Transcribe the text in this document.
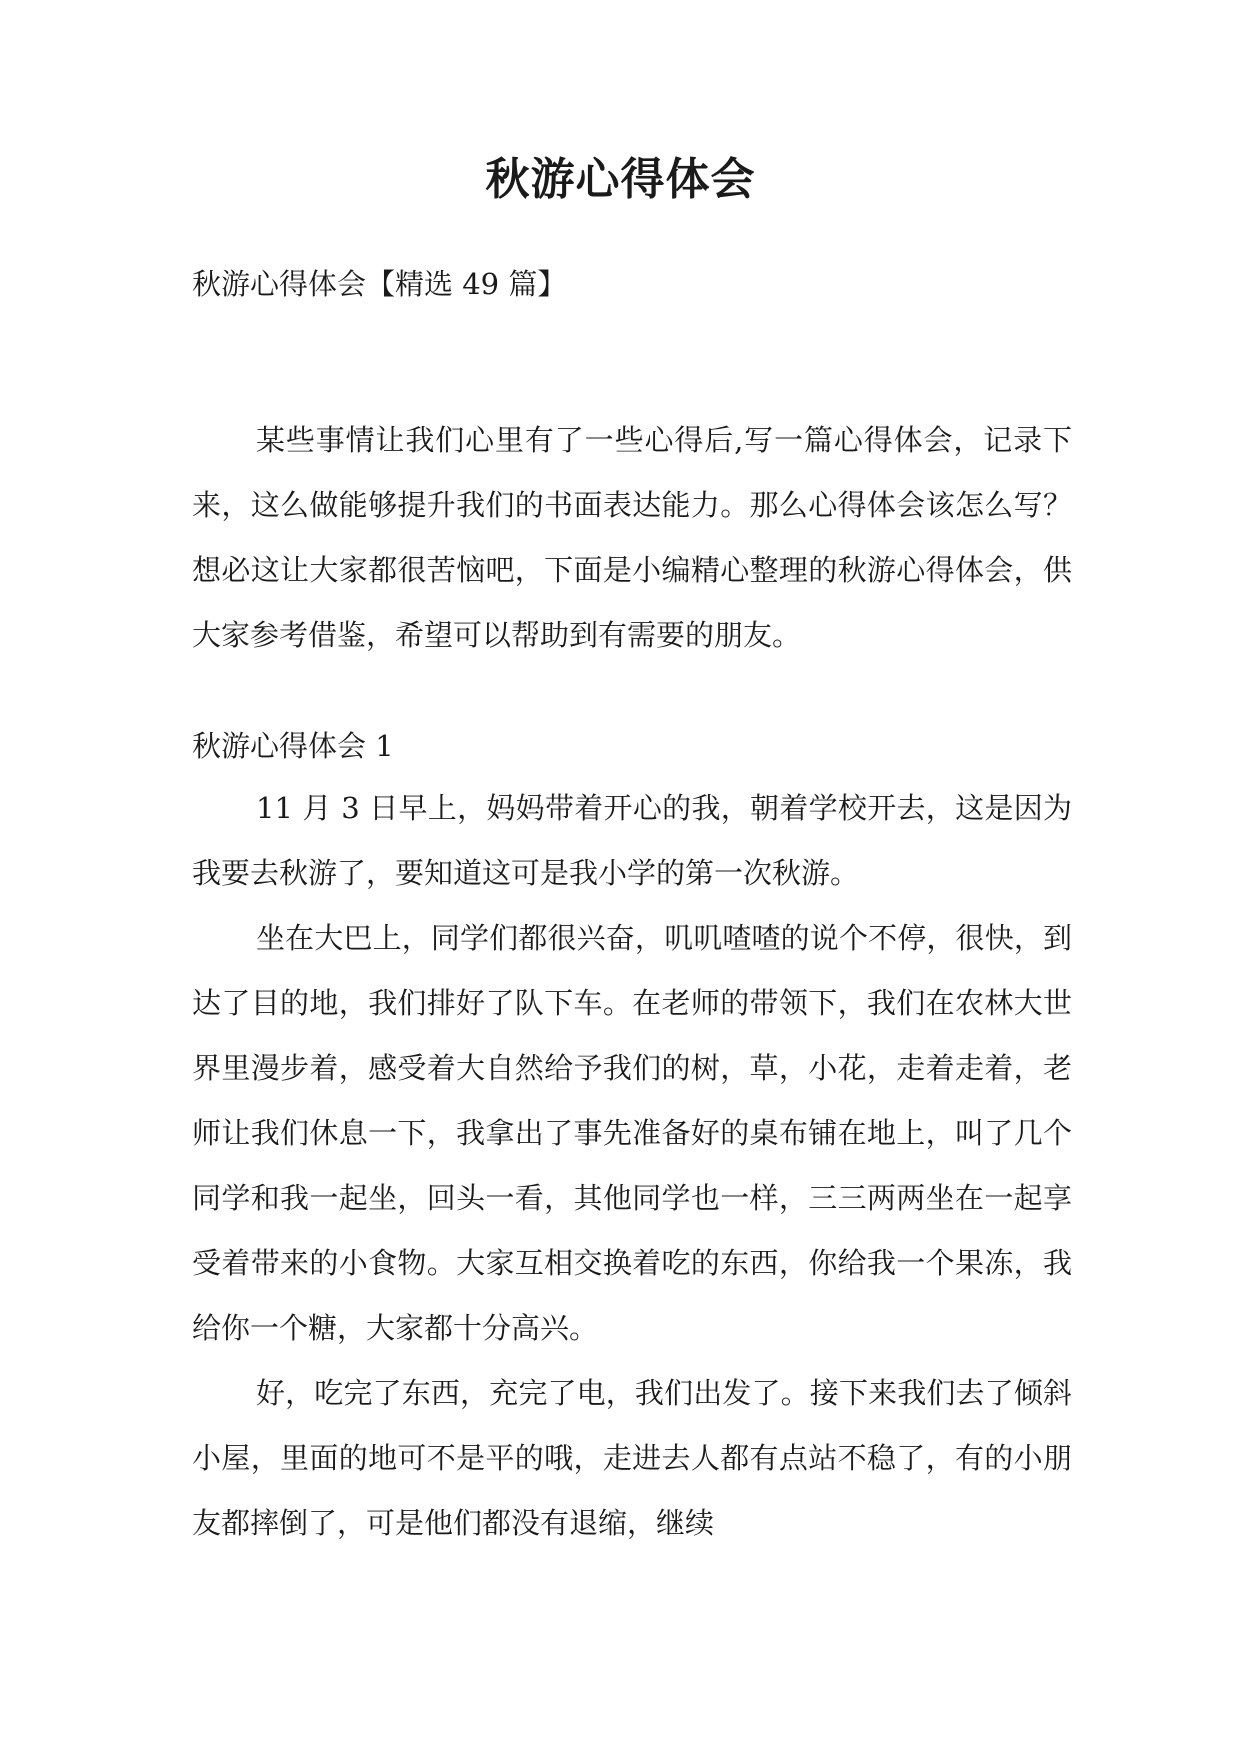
秋游心得体会
秋游心得体会【精选 49 篇】

某些事情让我们心里有了一些心得后,写一篇心得体会，记录下来，这么做能够提升我们的书面表达能力。那么心得体会该怎么写？想必这让大家都很苦恼吧，下面是小编精心整理的秋游心得体会，供大家参考借鉴，希望可以帮助到有需要的朋友。

秋游心得体会 1

11 月 3 日早上，妈妈带着开心的我，朝着学校开去，这是因为我要去秋游了，要知道这可是我小学的第一次秋游。

坐在大巴上，同学们都很兴奋，叽叽喳喳的说个不停，很快，到达了目的地，我们排好了队下车。在老师的带领下，我们在农林大世界里漫步着，感受着大自然给予我们的树，草，小花，走着走着，老师让我们休息一下，我拿出了事先准备好的桌布铺在地上，叫了几个同学和我一起坐，回头一看，其他同学也一样，三三两两坐在一起享受着带来的小食物。大家互相交换着吃的东西，你给我一个果冻，我给你一个糖，大家都十分高兴。

好，吃完了东西，充完了电，我们出发了。接下来我们去了倾斜小屋，里面的地可不是平的哦，走进去人都有点站不稳了，有的小朋友都摔倒了，可是他们都没有退缩，继续
